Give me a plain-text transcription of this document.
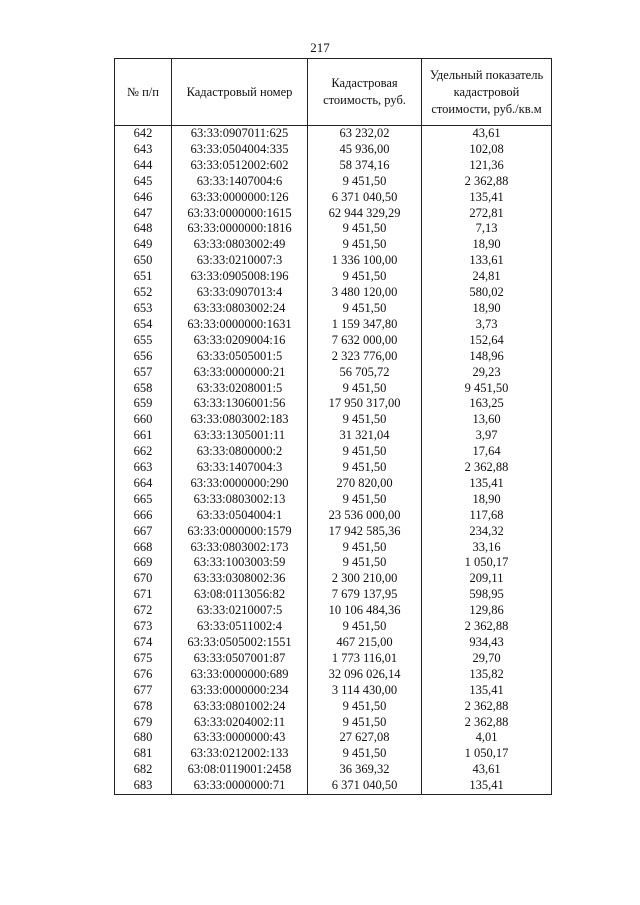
217
№ п/п	Кадастровый номер	Кадастровая стоимость, руб.	Удельный показатель кадастровой стоимости, руб./кв.м
642	63:33:0907011:625	63 232,02	43,61
643	63:33:0504004:335	45 936,00	102,08
644	63:33:0512002:602	58 374,16	121,36
645	63:33:1407004:6	9 451,50	2 362,88
646	63:33:0000000:126	6 371 040,50	135,41
647	63:33:0000000:1615	62 944 329,29	272,81
648	63:33:0000000:1816	9 451,50	7,13
649	63:33:0803002:49	9 451,50	18,90
650	63:33:0210007:3	1 336 100,00	133,61
651	63:33:0905008:196	9 451,50	24,81
652	63:33:0907013:4	3 480 120,00	580,02
653	63:33:0803002:24	9 451,50	18,90
654	63:33:0000000:1631	1 159 347,80	3,73
655	63:33:0209004:16	7 632 000,00	152,64
656	63:33:0505001:5	2 323 776,00	148,96
657	63:33:0000000:21	56 705,72	29,23
658	63:33:0208001:5	9 451,50	9 451,50
659	63:33:1306001:56	17 950 317,00	163,25
660	63:33:0803002:183	9 451,50	13,60
661	63:33:1305001:11	31 321,04	3,97
662	63:33:0800000:2	9 451,50	17,64
663	63:33:1407004:3	9 451,50	2 362,88
664	63:33:0000000:290	270 820,00	135,41
665	63:33:0803002:13	9 451,50	18,90
666	63:33:0504004:1	23 536 000,00	117,68
667	63:33:0000000:1579	17 942 585,36	234,32
668	63:33:0803002:173	9 451,50	33,16
669	63:33:1003003:59	9 451,50	1 050,17
670	63:33:0308002:36	2 300 210,00	209,11
671	63:08:0113056:82	7 679 137,95	598,95
672	63:33:0210007:5	10 106 484,36	129,86
673	63:33:0511002:4	9 451,50	2 362,88
674	63:33:0505002:1551	467 215,00	934,43
675	63:33:0507001:87	1 773 116,01	29,70
676	63:33:0000000:689	32 096 026,14	135,82
677	63:33:0000000:234	3 114 430,00	135,41
678	63:33:0801002:24	9 451,50	2 362,88
679	63:33:0204002:11	9 451,50	2 362,88
680	63:33:0000000:43	27 627,08	4,01
681	63:33:0212002:133	9 451,50	1 050,17
682	63:08:0119001:2458	36 369,32	43,61
683	63:33:0000000:71	6 371 040,50	135,41
